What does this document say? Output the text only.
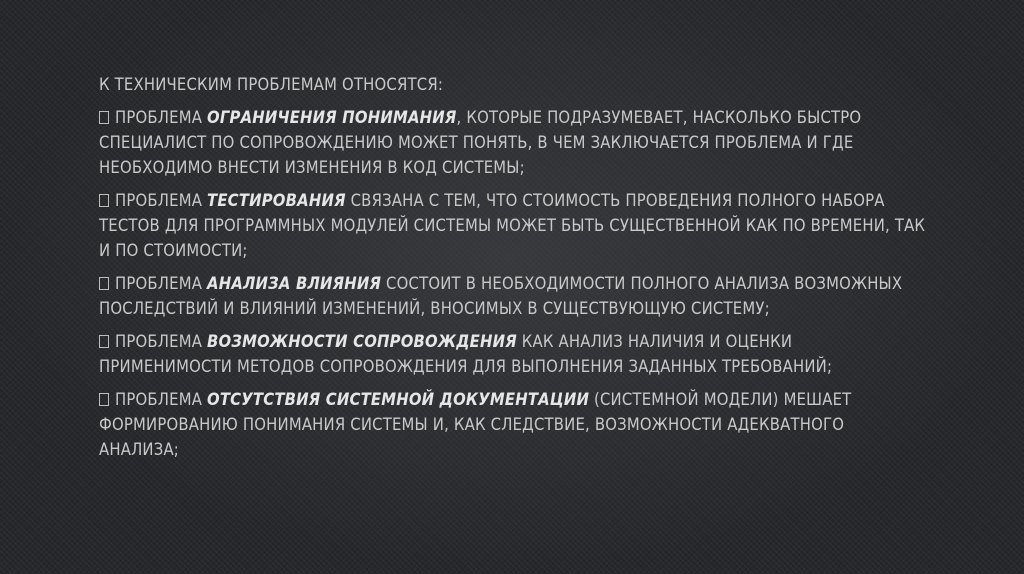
К ТЕХНИЧЕСКИМ ПРОБЛЕМАМ ОТНОСЯТСЯ:

ПРОБЛЕМА ОГРАНИЧЕНИЯ ПОНИМАНИЯ, КОТОРЫЕ ПОДРАЗУМЕВАЕТ, НАСКОЛЬКО БЫСТРО СПЕЦИАЛИСТ ПО СОПРОВОЖДЕНИЮ МОЖЕТ ПОНЯТЬ, В ЧЕМ ЗАКЛЮЧАЕТСЯ ПРОБЛЕМА И ГДЕ НЕОБХОДИМО ВНЕСТИ ИЗМЕНЕНИЯ В КОД СИСТЕМЫ;

ПРОБЛЕМА ТЕСТИРОВАНИЯ СВЯЗАНА С ТЕМ, ЧТО СТОИМОСТЬ ПРОВЕДЕНИЯ ПОЛНОГО НАБОРА ТЕСТОВ ДЛЯ ПРОГРАММНЫХ МОДУЛЕЙ СИСТЕМЫ МОЖЕТ БЫТЬ СУЩЕСТВЕННОЙ КАК ПО ВРЕМЕНИ, ТАК И ПО СТОИМОСТИ;

ПРОБЛЕМА АНАЛИЗА ВЛИЯНИЯ СОСТОИТ В НЕОБХОДИМОСТИ ПОЛНОГО АНАЛИЗА ВОЗМОЖНЫХ ПОСЛЕДСТВИЙ И ВЛИЯНИЙ ИЗМЕНЕНИЙ, ВНОСИМЫХ В СУЩЕСТВУЮЩУЮ СИСТЕМУ;

ПРОБЛЕМА ВОЗМОЖНОСТИ СОПРОВОЖДЕНИЯ КАК АНАЛИЗ НАЛИЧИЯ И ОЦЕНКИ ПРИМЕНИМОСТИ МЕТОДОВ СОПРОВОЖДЕНИЯ ДЛЯ ВЫПОЛНЕНИЯ ЗАДАННЫХ ТРЕБОВАНИЙ;

ПРОБЛЕМА ОТСУТСТВИЯ СИСТЕМНОЙ ДОКУМЕНТАЦИИ (СИСТЕМНОЙ МОДЕЛИ) МЕШАЕТ ФОРМИРОВАНИЮ ПОНИМАНИЯ СИСТЕМЫ И, КАК СЛЕДСТВИЕ, ВОЗМОЖНОСТИ АДЕКВАТНОГО АНАЛИЗА;
